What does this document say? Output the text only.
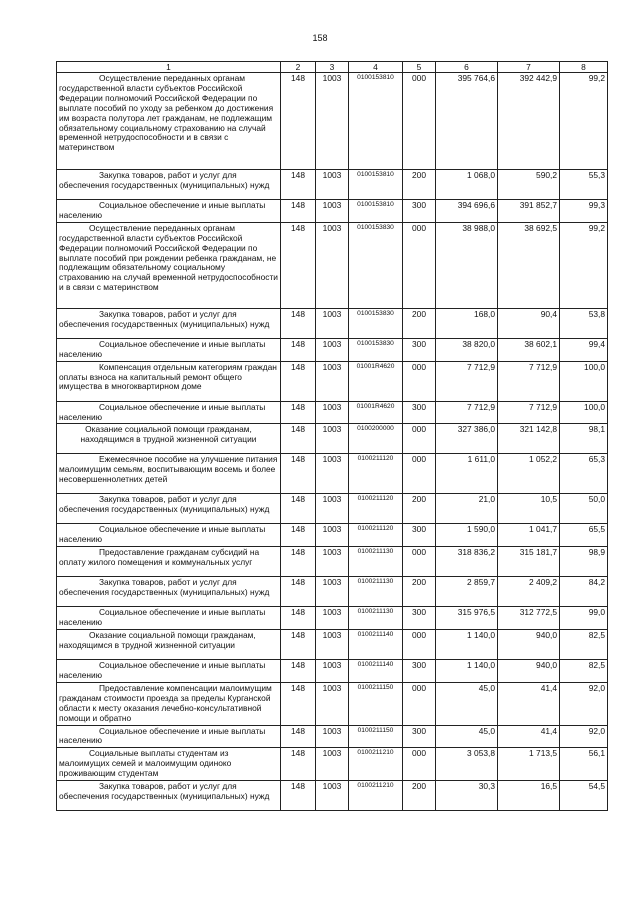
158
1	2	3	4	5	6	7	8
Осуществление переданных органам государственной власти субъектов Российской Федерации полномочий Российской Федерации по выплате пособий по уходу за ребенком до достижения им возраста полутора лет гражданам, не подлежащим обязательному социальному страхованию на случай временной нетрудоспособности и в связи с материнством	148	1003	0100153810	000	395 764,6	392 442,9	99,2
Закупка товаров, работ и услуг для обеспечения государственных (муниципальных) нужд	148	1003	0100153810	200	1 068,0	590,2	55,3
Социальное обеспечение и иные выплаты населению	148	1003	0100153810	300	394 696,6	391 852,7	99,3
Осуществление переданных органам государственной власти субъектов Российской Федерации полномочий Российской Федерации по выплате пособий при рождении ребенка гражданам, не подлежащим обязательному социальному страхованию на случай временной нетрудоспособности и в связи с материнством	148	1003	0100153830	000	38 988,0	38 692,5	99,2
Закупка товаров, работ и услуг для обеспечения государственных (муниципальных) нужд	148	1003	0100153830	200	168,0	90,4	53,8
Социальное обеспечение и иные выплаты населению	148	1003	0100153830	300	38 820,0	38 602,1	99,4
Компенсация отдельным категориям граждан оплаты взноса на капитальный ремонт общего имущества в многоквартирном доме	148	1003	01001R4620	000	7 712,9	7 712,9	100,0
Социальное обеспечение и иные выплаты населению	148	1003	01001R4620	300	7 712,9	7 712,9	100,0
Оказание социальной помощи гражданам, находящимся в трудной жизненной ситуации	148	1003	0100200000	000	327 386,0	321 142,8	98,1
Ежемесячное пособие на улучшение питания малоимущим семьям, воспитывающим восемь и более несовершеннолетних детей	148	1003	0100211120	000	1 611,0	1 052,2	65,3
Закупка товаров, работ и услуг для обеспечения государственных (муниципальных) нужд	148	1003	0100211120	200	21,0	10,5	50,0
Социальное обеспечение и иные выплаты населению	148	1003	0100211120	300	1 590,0	1 041,7	65,5
Предоставление гражданам субсидий на оплату жилого помещения и коммунальных услуг	148	1003	0100211130	000	318 836,2	315 181,7	98,9
Закупка товаров, работ и услуг для обеспечения государственных (муниципальных) нужд	148	1003	0100211130	200	2 859,7	2 409,2	84,2
Социальное обеспечение и иные выплаты населению	148	1003	0100211130	300	315 976,5	312 772,5	99,0
Оказание социальной помощи гражданам, находящимся в трудной жизненной ситуации	148	1003	0100211140	000	1 140,0	940,0	82,5
Социальное обеспечение и иные выплаты населению	148	1003	0100211140	300	1 140,0	940,0	82,5
Предоставление компенсации малоимущим гражданам стоимости проезда за пределы Курганской области к месту оказания лечебно-консультативной помощи и обратно	148	1003	0100211150	000	45,0	41,4	92,0
Социальное обеспечение и иные выплаты населению	148	1003	0100211150	300	45,0	41,4	92,0
Социальные выплаты студентам из малоимущих семей и малоимущим одиноко проживающим студентам	148	1003	0100211210	000	3 053,8	1 713,5	56,1
Закупка товаров, работ и услуг для обеспечения государственных (муниципальных) нужд	148	1003	0100211210	200	30,3	16,5	54,5
